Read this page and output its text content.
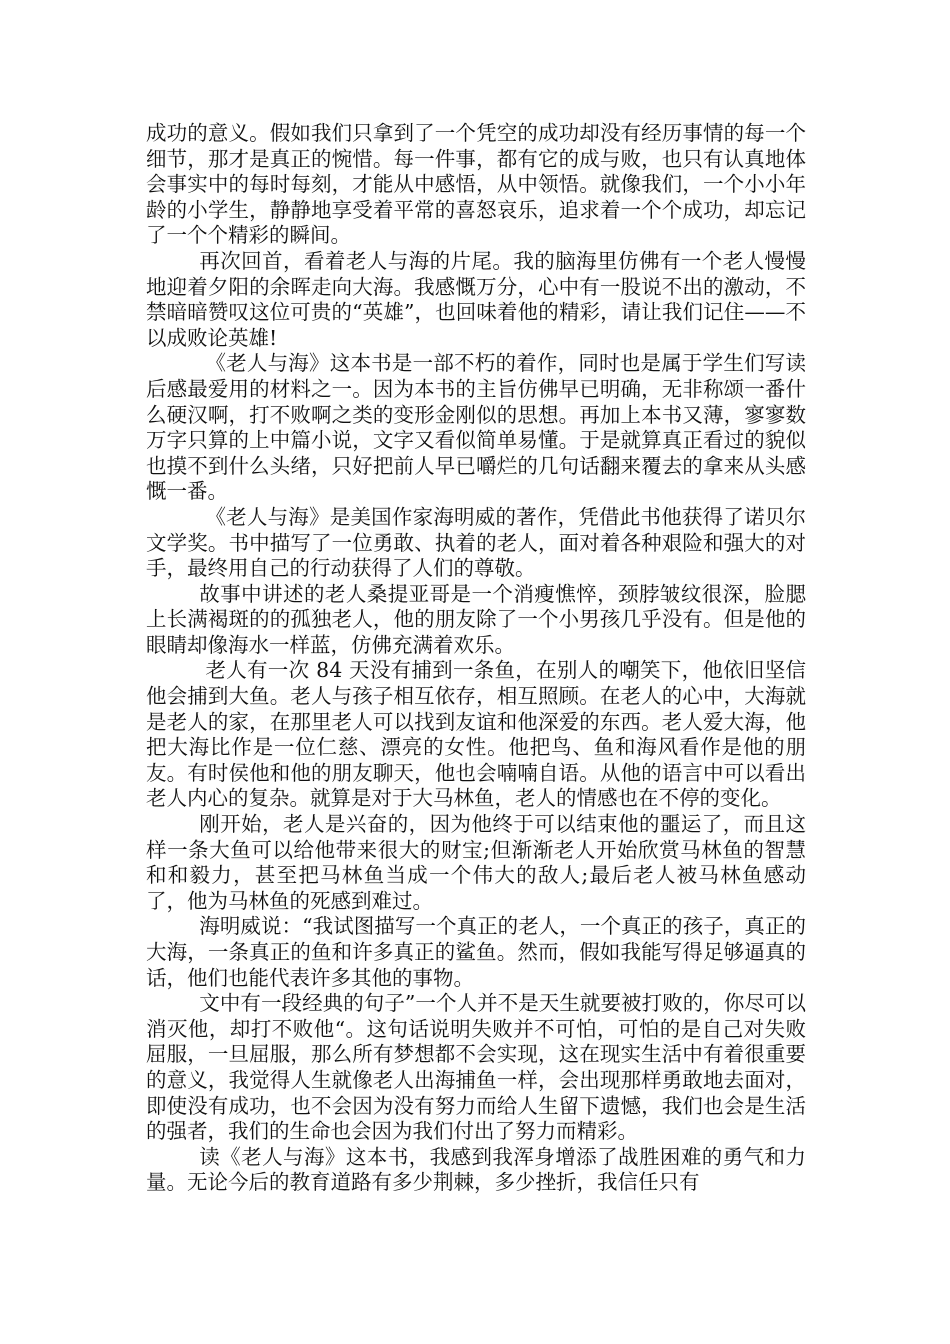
成功的意义。假如我们只拿到了一个凭空的成功却没有经历事情的每一个细节，那才是真正的惋惜。每一件事，都有它的成与败，也只有认真地体会事实中的每时每刻，才能从中感悟，从中领悟。就像我们，一个小小年龄的小学生，静静地享受着平常的喜怒哀乐，追求着一个个成功，却忘记了一个个精彩的瞬间。

再次回首，看着老人与海的片尾。我的脑海里仿佛有一个老人慢慢地迎着夕阳的余晖走向大海。我感慨万分，心中有一股说不出的激动，不禁暗暗赞叹这位可贵的“英雄”，也回味着他的精彩，请让我们记住——不以成败论英雄!

《老人与海》这本书是一部不朽的着作，同时也是属于学生们写读后感最爱用的材料之一。因为本书的主旨仿佛早已明确，无非称颂一番什么硬汉啊，打不败啊之类的变形金刚似的思想。再加上本书又薄，寥寥数万字只算的上中篇小说，文字又看似简单易懂。于是就算真正看过的貌似也摸不到什么头绪，只好把前人早已嚼烂的几句话翻来覆去的拿来从头感慨一番。

《老人与海》是美国作家海明威的著作，凭借此书他获得了诺贝尔文学奖。书中描写了一位勇敢、执着的老人，面对着各种艰险和强大的对手，最终用自己的行动获得了人们的尊敬。

故事中讲述的老人桑提亚哥是一个消瘦憔悴，颈脖皱纹很深，脸腮上长满褐斑的的孤独老人，他的朋友除了一个小男孩几乎没有。但是他的眼睛却像海水一样蓝，仿佛充满着欢乐。

老人有一次 84 天没有捕到一条鱼，在别人的嘲笑下，他依旧坚信他会捕到大鱼。老人与孩子相互依存，相互照顾。在老人的心中，大海就是老人的家，在那里老人可以找到友谊和他深爱的东西。老人爱大海，他把大海比作是一位仁慈、漂亮的女性。他把鸟、鱼和海风看作是他的朋友。有时侯他和他的朋友聊天，他也会喃喃自语。从他的语言中可以看出老人内心的复杂。就算是对于大马林鱼，老人的情感也在不停的变化。

刚开始，老人是兴奋的，因为他终于可以结束他的噩运了，而且这样一条大鱼可以给他带来很大的财宝;但渐渐老人开始欣赏马林鱼的智慧和和毅力，甚至把马林鱼当成一个伟大的敌人;最后老人被马林鱼感动了，他为马林鱼的死感到难过。

海明威说：“我试图描写一个真正的老人，一个真正的孩子，真正的大海，一条真正的鱼和许多真正的鲨鱼。然而，假如我能写得足够逼真的话，他们也能代表许多其他的事物。

文中有一段经典的句子”一个人并不是天生就要被打败的，你尽可以消灭他，却打不败他“。这句话说明失败并不可怕，可怕的是自己对失败屈服，一旦屈服，那么所有梦想都不会实现，这在现实生活中有着很重要的意义，我觉得人生就像老人出海捕鱼一样，会出现那样勇敢地去面对，即使没有成功，也不会因为没有努力而给人生留下遗憾，我们也会是生活的强者，我们的生命也会因为我们付出了努力而精彩。

读《老人与海》这本书，我感到我浑身增添了战胜困难的勇气和力量。无论今后的教育道路有多少荆棘，多少挫折，我信任只有
